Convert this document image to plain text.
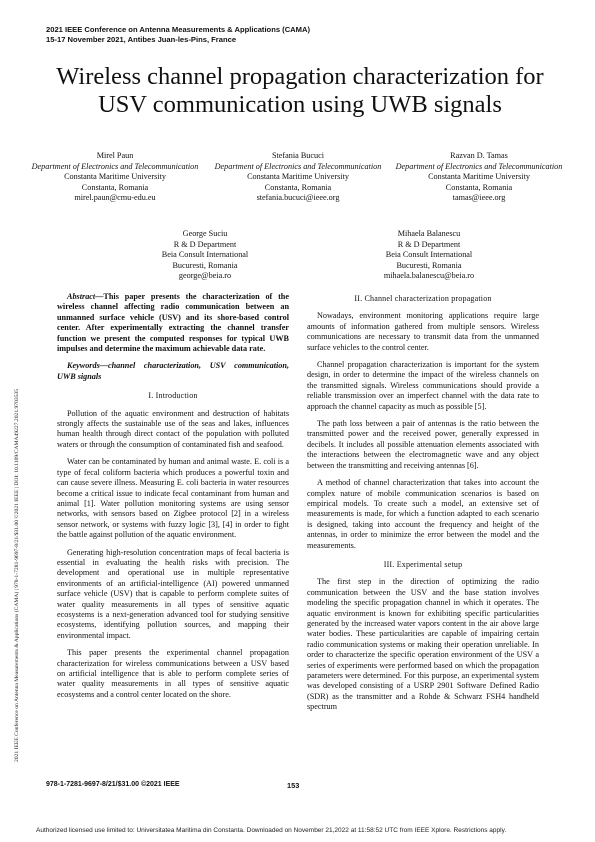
2021 IEEE Conference on Antenna Measurements & Applications (CAMA)
15-17 November 2021, Antibes Juan-les-Pins, France
Wireless channel propagation characterization for USV communication using UWB signals
Mirel Paun
Department of Electronics and Telecommunication
Constanta Maritime University
Constanta, Romania
mirel.paun@cmu-edu.eu
Stefania Bucuci
Department of Electronics and Telecommunication
Constanta Maritime University
Constanta, Romania
stefania.bucuci@ieee.org
Razvan D. Tamas
Department of Electronics and Telecommunication
Constanta Maritime University
Constanta, Romania
tamas@ieee.org
George Suciu
R & D Department
Beia Consult International
Bucuresti, Romania
george@beia.ro
Mihaela Balanescu
R & D Department
Beia Consult International
Bucuresti, Romania
mihaela.balanescu@beia.ro
2021 IEEE Conference on Antenna Measurements & Applications (CAMA) | 978-1-7281-9697-8/21/$31.00 ©2021 IEEE | DOI: 10.1109/CAMA49227.2021.9703535

Abstract—This paper presents the characterization of the wireless channel affecting radio communication between an unmanned surface vehicle (USV) and its shore-based control center. After experimentally extracting the channel transfer function we present the computed responses for typical UWB impulses and determine the maximum achievable data rate.

Keywords—channel characterization, USV communication, UWB signals

I. Introduction

Pollution of the aquatic environment and destruction of habitats strongly affects the sustainable use of the seas and lakes, influences human health through direct contact of the population with polluted waters or through the consumption of contaminated fish and seafood.

Water can be contaminated by human and animal waste. E. coli is a type of fecal coliform bacteria which produces a powerful toxin and can cause severe illness. Measuring E. coli bacteria in water resources become a critical issue to indicate fecal contaminant from human and animal [1]. Water pollution monitoring systems are using sensor networks, with sensors based on Zigbee protocol [2] in a wireless sensor network, or systems with fuzzy logic [3], [4] in order to fight the battle against pollution of the aquatic environment.

Generating high-resolution concentration maps of fecal bacteria is essential in evaluating the health risks with precision. The development and operational use in multiple representative environments of an artificial-intelligence (AI) powered unmanned surface vehicle (USV) that is capable to perform complete suites of water quality measurements in all types of sensitive aquatic ecosystems is a next-generation advanced tool for studying sensitive ecosystems, identifying pollution sources, and mapping their environmental impact.

This paper presents the experimental channel propagation characterization for wireless communications between a USV based on artificial intelligence that is able to perform complete series of water quality measurements in all types of sensitive aquatic ecosystems and a control center located on the shore.

II. Channel characterization propagation

Nowadays, environment monitoring applications require large amounts of information gathered from multiple sensors. Wireless communications are necessary to transmit data from the unmanned surface vehicles to the control center.

Channel propagation characterization is important for the system design, in order to determine the impact of the wireless channels on the transmitted signals. Wireless communications should provide a reliable transmission over an imperfect channel with the data rate to approach the channel capacity as much as possible [5].

The path loss between a pair of antennas is the ratio between the transmitted power and the received power, generally expressed in decibels. It includes all possible attenuation elements associated with the interactions between the electromagnetic wave and any object between the transmitting and receiving antennas [6].

A method of channel characterization that takes into account the complex nature of mobile communication scenarios is based on empirical models. To create such a model, an extensive set of measurements is made, for which a function adapted to each scenario is designed, taking into account the frequency and height of the antennas, in order to minimize the error between the model and the measurements.

III. Experimental setup

The first step in the direction of optimizing the radio communication between the USV and the base station involves modeling the specific propagation channel in which it operates. The aquatic environment is known for exhibiting specific particularities generated by the increased water vapors content in the air above large water bodies. These particularities are capable of impairing certain radio communication systems or making their operation unreliable. In order to characterize the specific operation environment of the USV a series of experiments were performed based on which the propagation parameters were determined. For this purpose, an experimental system was developed consisting of a USRP 2901 Software Defined Radio (SDR) as the transmitter and a Rohde & Schwarz FSH4 handheld spectrum

978-1-7281-9697-8/21/$31.00 ©2021 IEEE	153
Authorized licensed use limited to: Universitatea Maritima din Constanta. Downloaded on November 21,2022 at 11:58:52 UTC from IEEE Xplore. Restrictions apply.
